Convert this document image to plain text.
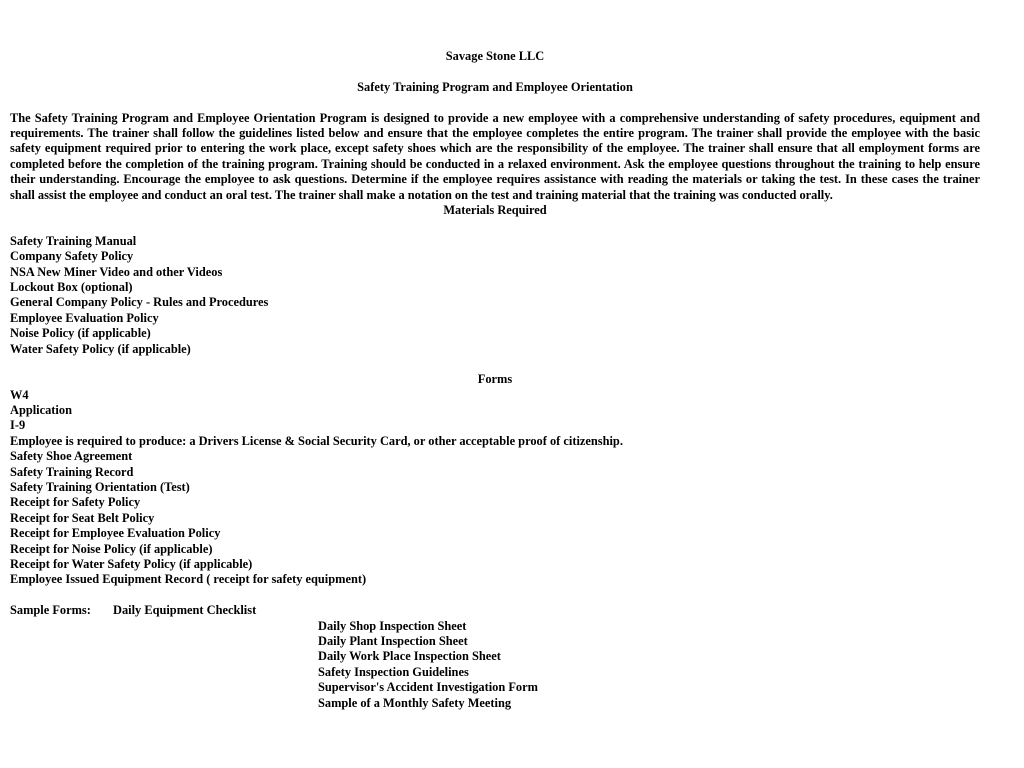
Savage Stone LLC
Safety Training Program and Employee Orientation
The Safety Training Program and Employee Orientation Program is designed to provide a new employee with a comprehensive understanding of safety procedures, equipment and requirements. The trainer shall follow the guidelines listed below and ensure that the employee completes the entire program. The trainer shall provide the employee with the basic safety equipment required prior to entering the work place, except safety shoes which are the responsibility of the employee. The trainer shall ensure that all employment forms are completed before the completion of the training program. Training should be conducted in a relaxed environment. Ask the employee questions throughout the training to help ensure their understanding. Encourage the employee to ask questions. Determine if the employee requires assistance with reading the materials or taking the test. In these cases the trainer shall assist the employee and conduct an oral test. The trainer shall make a notation on the test and training material that the training was conducted orally.
Materials Required
Safety Training Manual
Company Safety Policy
NSA New Miner Video and other Videos
Lockout Box (optional)
General Company Policy - Rules and Procedures
Employee Evaluation Policy
Noise Policy (if applicable)
Water Safety Policy (if applicable)
Forms
W4
Application
I-9
Employee is required to produce: a Drivers License & Social Security Card, or other acceptable proof of citizenship.
Safety Shoe Agreement
Safety Training Record
Safety Training Orientation (Test)
Receipt for Safety Policy
Receipt for Seat Belt Policy
Receipt for Employee Evaluation Policy
Receipt for Noise Policy (if applicable)
Receipt for Water Safety Policy (if applicable)
Employee Issued Equipment Record ( receipt for safety equipment)
Sample Forms: Daily Equipment Checklist
Daily Shop Inspection Sheet
Daily Plant Inspection Sheet
Daily Work Place Inspection Sheet
Safety Inspection Guidelines
Supervisor's Accident Investigation Form
Sample of a Monthly Safety Meeting
